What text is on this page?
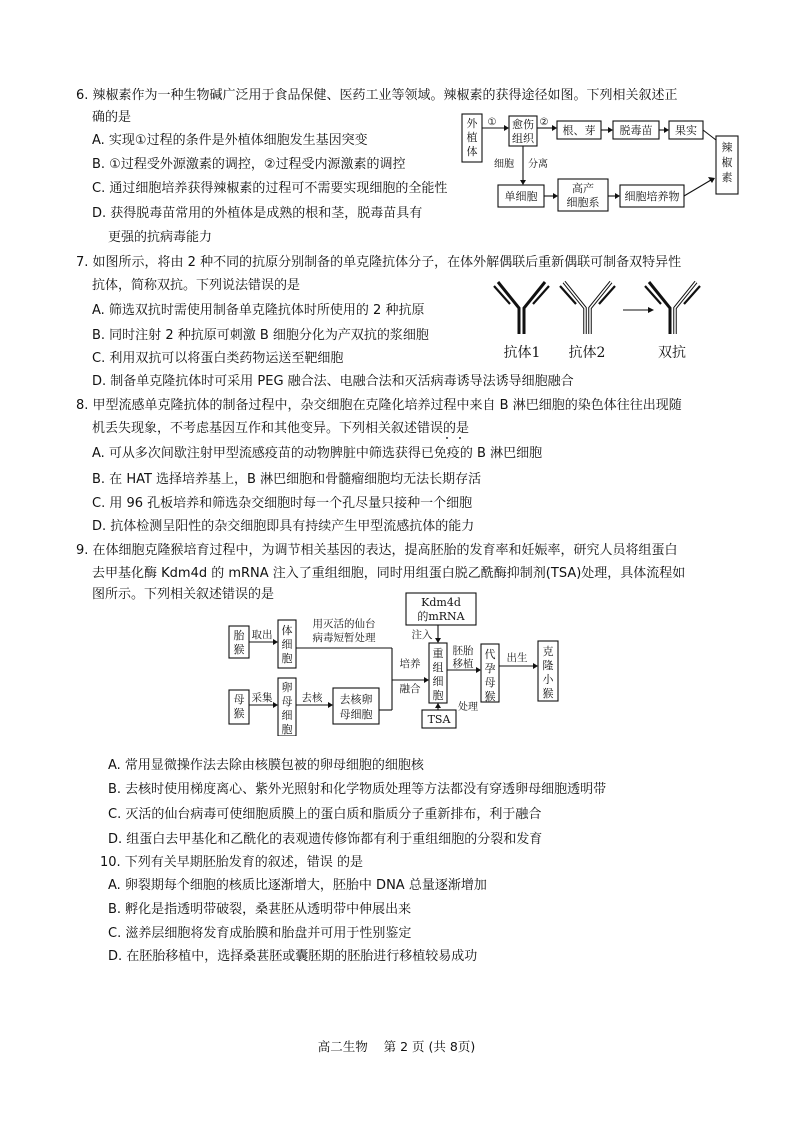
6. 辣椒素作为一种生物碱广泛用于食品保健、医药工业等领域。辣椒素的获得途径如图。下列相关叙述正
确的是
A. 实现①过程的条件是外植体细胞发生基因突变
B. ①过程受外源激素的调控，②过程受内源激素的调控
C. 通过细胞培养获得辣椒素的过程可不需要实现细胞的全能性
D. 获得脱毒苗常用的外植体是成熟的根和茎，脱毒苗具有
更强的抗病毒能力
外
植
体
① 愈伤
组织
②
根、芽 脱毒苗 果实
辣
椒
素
细胞 分离
单细胞
高产
细胞系 细胞培养物
7. 如图所示，将由 2 种不同的抗原分别制备的单克隆抗体分子，在体外解偶联后重新偶联可制备双特异性
抗体，简称双抗。下列说法错误的是
A. 筛选双抗时需使用制备单克隆抗体时所使用的 2 种抗原
B. 同时注射 2 种抗原可刺激 B 细胞分化为产双抗的浆细胞
C. 利用双抗可以将蛋白类药物运送至靶细胞
D. 制备单克隆抗体时可采用 PEG 融合法、电融合法和灭活病毒诱导法诱导细胞融合
抗体1 抗体2	双抗
8. 甲型流感单克隆抗体的制备过程中，杂交细胞在克隆化培养过程中来自 B 淋巴细胞的染色体往往出现随
机丢失现象，不考虑基因互作和其他变异。下列相关叙述错误的是
A. 可从多次间歇注射甲型流感疫苗的动物脾脏中筛选获得已免疫的 B 淋巴细胞
B. 在 HAT 选择培养基上，B 淋巴细胞和骨髓瘤细胞均无法长期存活
C. 用 96 孔板培养和筛选杂交细胞时每一个孔尽量只接种一个细胞
D. 抗体检测呈阳性的杂交细胞即具有持续产生甲型流感抗体的能力
9. 在体细胞克隆猴培育过程中，为调节相关基因的表达，提高胚胎的发育率和妊娠率，研究人员将组蛋白
去甲基化酶 Kdm4d 的 mRNA 注入了重组细胞，同时用组蛋白脱乙酰酶抑制剂(TSA)处理，具体流程如
图所示。下列相关叙述错误的是
胎
猴
取出 体
细
胞
用灭活的仙台
病毒短暂处理
培养
融合
Kdm4d
的mRNA
注入
重
组
细
胞
处理
TSA
胚胎
移植
代
孕
母
猴
出生 克
隆
小
猴
母
猴
采集
卵
母
细
胞
去核 去核卵
母细胞
A. 常用显微操作法去除由核膜包被的卵母细胞的细胞核
B. 去核时使用梯度离心、紫外光照射和化学物质处理等方法都没有穿透卵母细胞透明带
C. 灭活的仙台病毒可使细胞质膜上的蛋白质和脂质分子重新排布，利于融合
D. 组蛋白去甲基化和乙酰化的表观遗传修饰都有利于重组细胞的分裂和发育
10. 下列有关早期胚胎发育的叙述，错误 的是
A. 卵裂期每个细胞的核质比逐渐增大，胚胎中 DNA 总量逐渐增加
B. 孵化是指透明带破裂，桑葚胚从透明带中伸展出来
C. 滋养层细胞将发育成胎膜和胎盘并可用于性别鉴定
D. 在胚胎移植中，选择桑葚胚或囊胚期的胚胎进行移植较易成功
高二生物    第 2 页 (共 8页)
